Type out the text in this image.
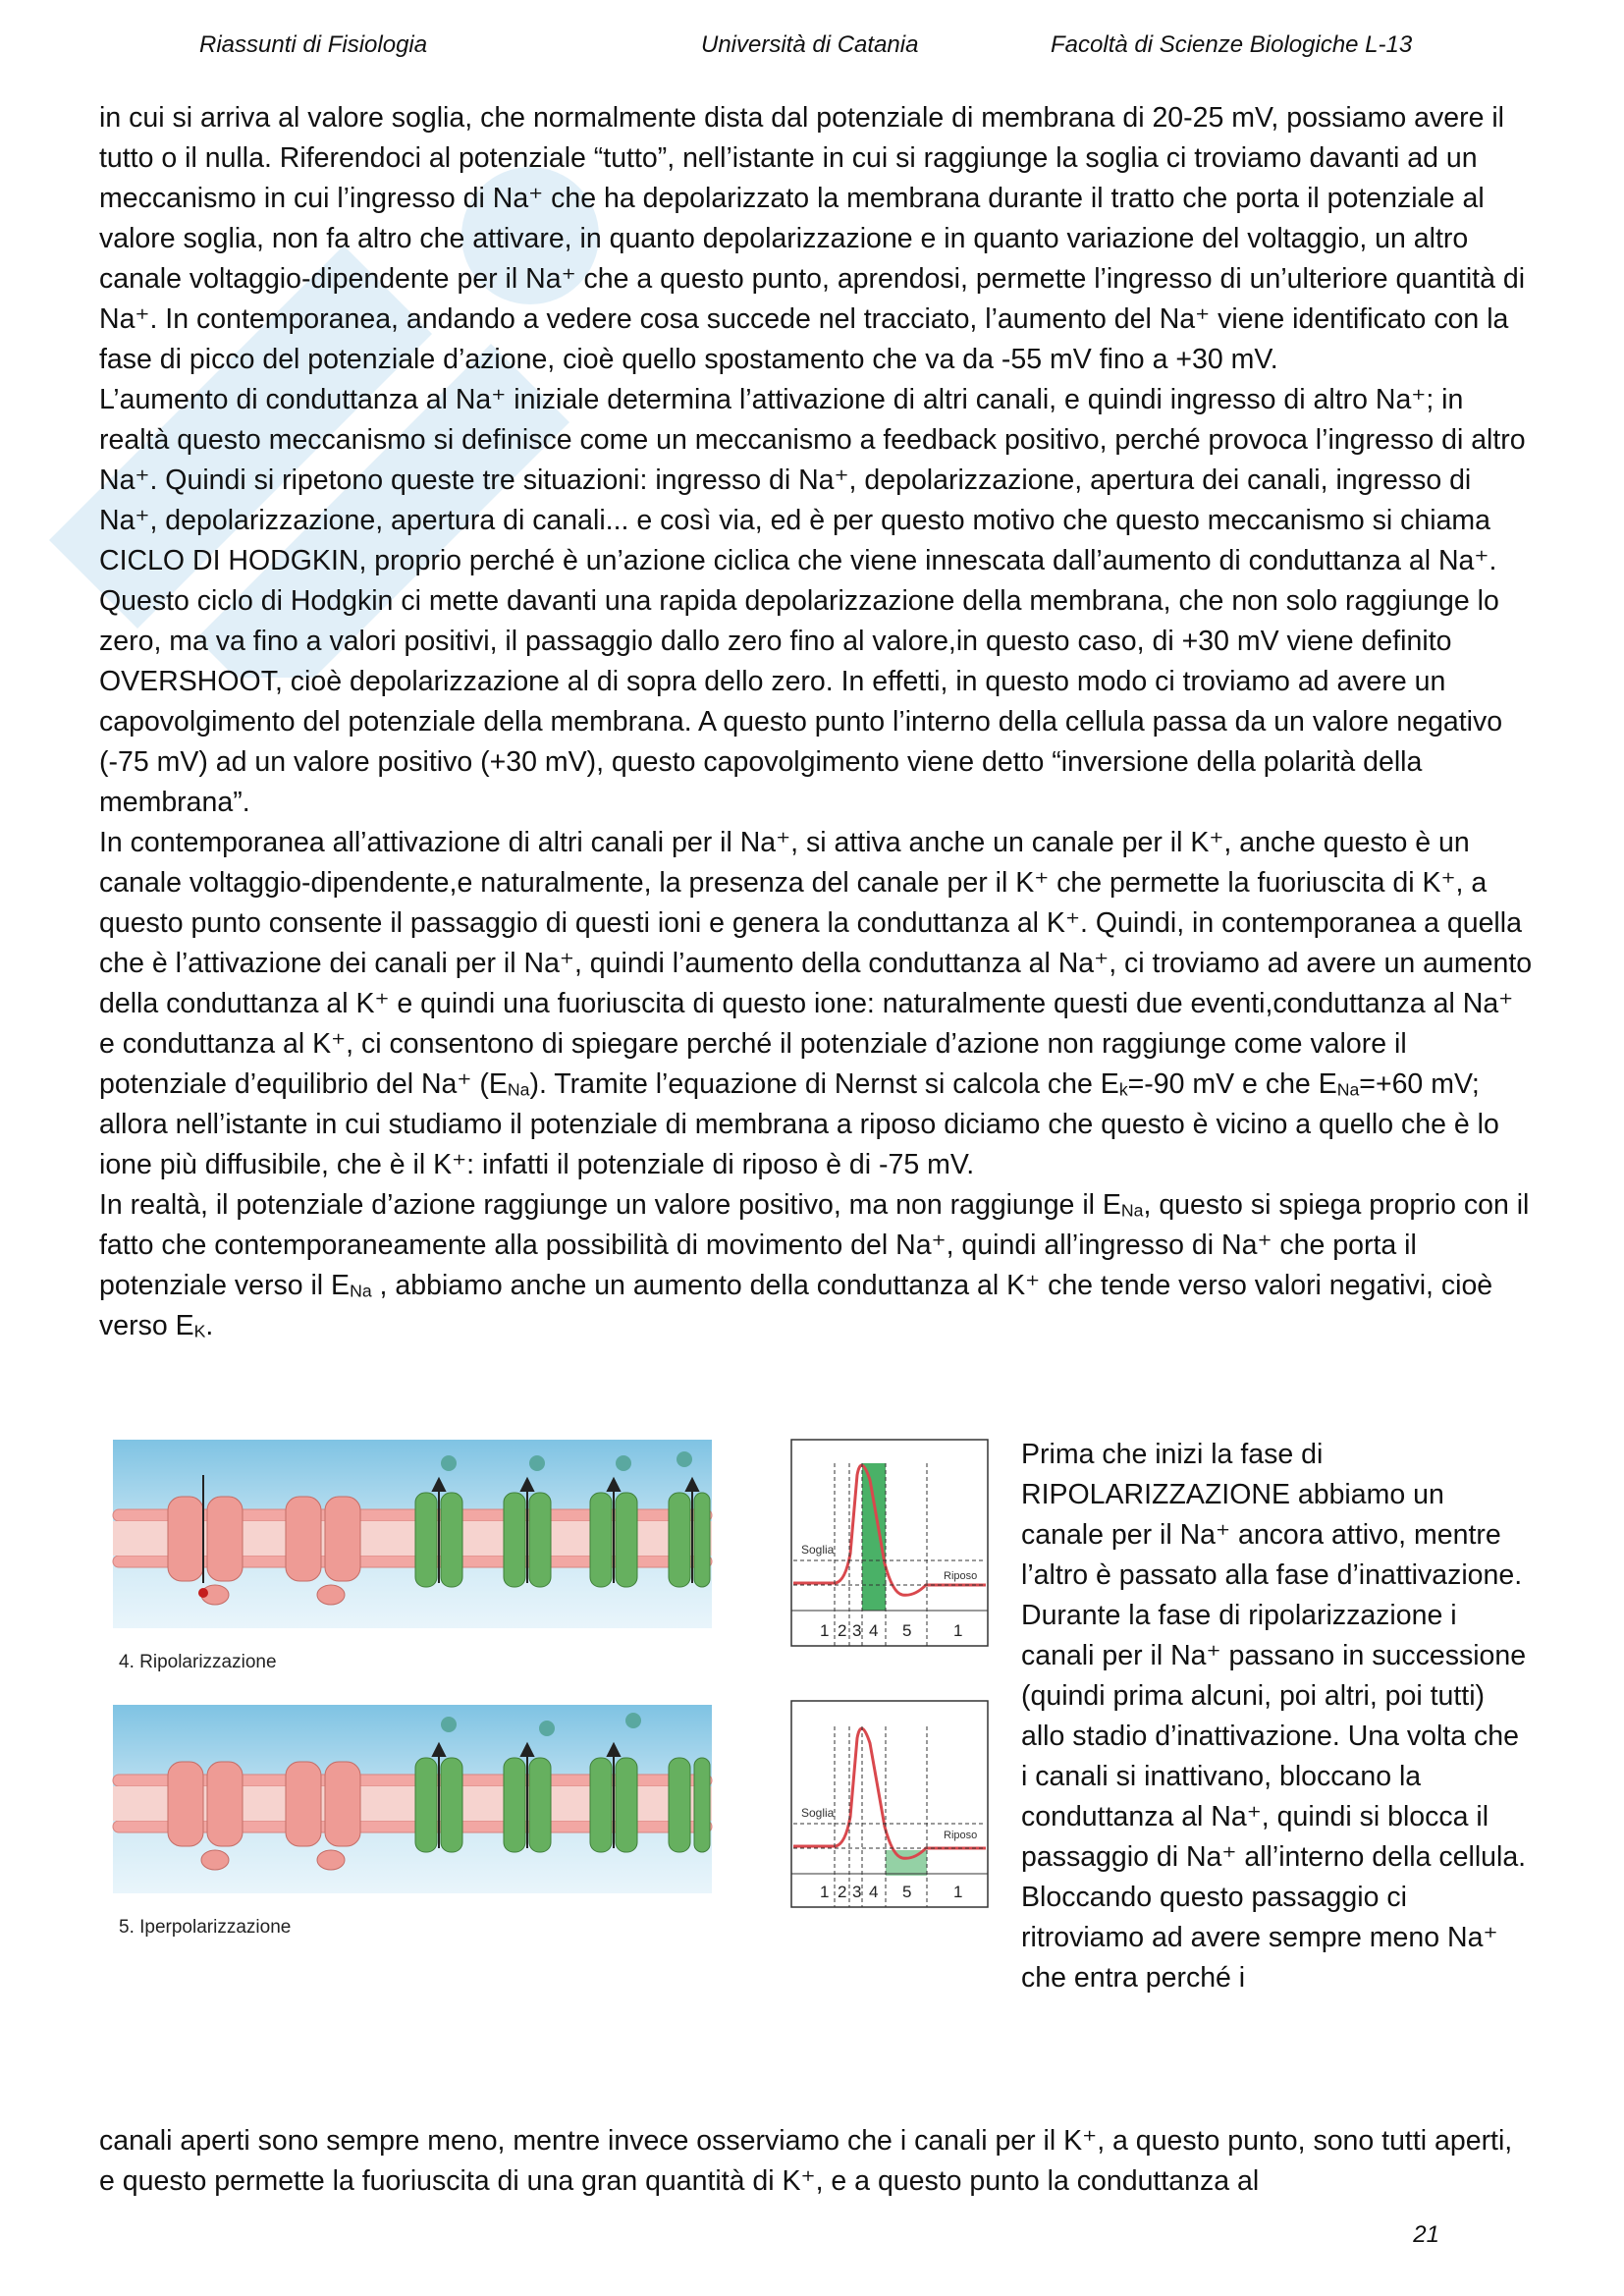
Riassunti di Fisiologia	Università di Catania	Facoltà di Scienze Biologiche L-13

in cui si arriva al valore soglia, che normalmente dista dal potenziale di membrana di 20-25 mV, possiamo avere il tutto o il nulla. Riferendoci al potenziale “tutto”, nell’istante in cui si raggiunge la soglia ci troviamo davanti ad un meccanismo in cui l’ingresso di Na⁺ che ha depolarizzato la membrana durante il tratto che porta il potenziale al valore soglia, non fa altro che attivare, in quanto depolarizzazione e in quanto variazione del voltaggio, un altro canale voltaggio-dipendente per il Na⁺ che a questo punto, aprendosi, permette l’ingresso di un’ulteriore quantità di Na⁺. In contemporanea, andando a vedere cosa succede nel tracciato, l’aumento del Na⁺ viene identificato con la fase di picco del potenziale d’azione, cioè quello spostamento che va da -55 mV fino a +30 mV.

L’aumento di conduttanza al Na⁺ iniziale determina l’attivazione di altri canali, e quindi ingresso di altro Na⁺; in realtà questo meccanismo si definisce come un meccanismo a feedback positivo, perché provoca l’ingresso di altro Na⁺. Quindi si ripetono queste tre situazioni: ingresso di Na⁺, depolarizzazione, apertura dei canali, ingresso di Na⁺, depolarizzazione, apertura di canali... e così via, ed è per questo motivo che questo meccanismo si chiama CICLO DI HODGKIN, proprio perché è un’azione ciclica che viene innescata dall’aumento di conduttanza al Na⁺. Questo ciclo di Hodgkin ci mette davanti una rapida depolarizzazione della membrana, che non solo raggiunge lo zero, ma va fino a valori positivi, il passaggio dallo zero fino al valore,in questo caso, di +30 mV viene definito OVERSHOOT, cioè depolarizzazione al di sopra dello zero. In effetti, in questo modo ci troviamo ad avere un capovolgimento del potenziale della membrana. A questo punto l’interno della cellula passa da un valore negativo (-75 mV) ad un valore positivo (+30 mV), questo capovolgimento viene detto “inversione della polarità della membrana”.

In contemporanea all’attivazione di altri canali per il Na⁺, si attiva anche un canale per il K⁺, anche questo è un canale voltaggio-dipendente,e naturalmente, la presenza del canale per il K⁺ che permette la fuoriuscita di K⁺, a questo punto consente il passaggio di questi ioni e genera la conduttanza al K⁺. Quindi, in contemporanea a quella che è l’attivazione dei canali per il Na⁺, quindi l’aumento della conduttanza al Na⁺, ci troviamo ad avere un aumento della conduttanza al K⁺ e quindi una fuoriuscita di questo ione: naturalmente questi due eventi,conduttanza al Na⁺ e conduttanza al K⁺, ci consentono di spiegare perché il potenziale d’azione non raggiunge come valore il potenziale d’equilibrio del Na⁺ $(E_{Na})$. Tramite l’equazione di Nernst si calcola che $E_k=-90$ mV e che $E_{Na}=+60$ mV; allora nell’istante in cui studiamo il potenziale di membrana a riposo diciamo che questo è vicino a quello che è lo ione più diffusibile, che è il K⁺: infatti il potenziale di riposo è di -75 mV.

In realtà, il potenziale d’azione raggiunge un valore positivo, ma non raggiunge il $E_{Na}$, questo si spiega proprio con il fatto che contemporaneamente alla possibilità di movimento del Na⁺, quindi all’ingresso di Na⁺ che porta il potenziale verso il $E_{Na}$ , abbiamo anche un aumento della conduttanza al K⁺ che tende verso valori negativi, cioè verso $E_K$.

4. Ripolarizzazione
Soglia
Riposo
1 2 3 4 5	1
5. Iperpolarizzazione
Soglia
Riposo
1 2 3 4 5	1

Prima che inizi la fase di RIPOLARIZZAZIONE abbiamo un canale per il Na⁺ ancora attivo, mentre l’altro è passato alla fase d’inattivazione. Durante la fase di ripolarizzazione i canali per il Na⁺ passano in successione (quindi prima alcuni, poi altri, poi tutti) allo stadio d’inattivazione. Una volta che i canali si inattivano, bloccano la conduttanza al Na⁺, quindi si blocca il passaggio di Na⁺ all’interno della cellula.

Bloccando questo passaggio ci ritroviamo ad avere sempre meno Na⁺ che entra perché i

canali aperti sono sempre meno, mentre invece osserviamo che i canali per il K⁺, a questo punto, sono tutti aperti, e questo permette la fuoriuscita di una gran quantità di K⁺, e a questo punto la conduttanza al

21
